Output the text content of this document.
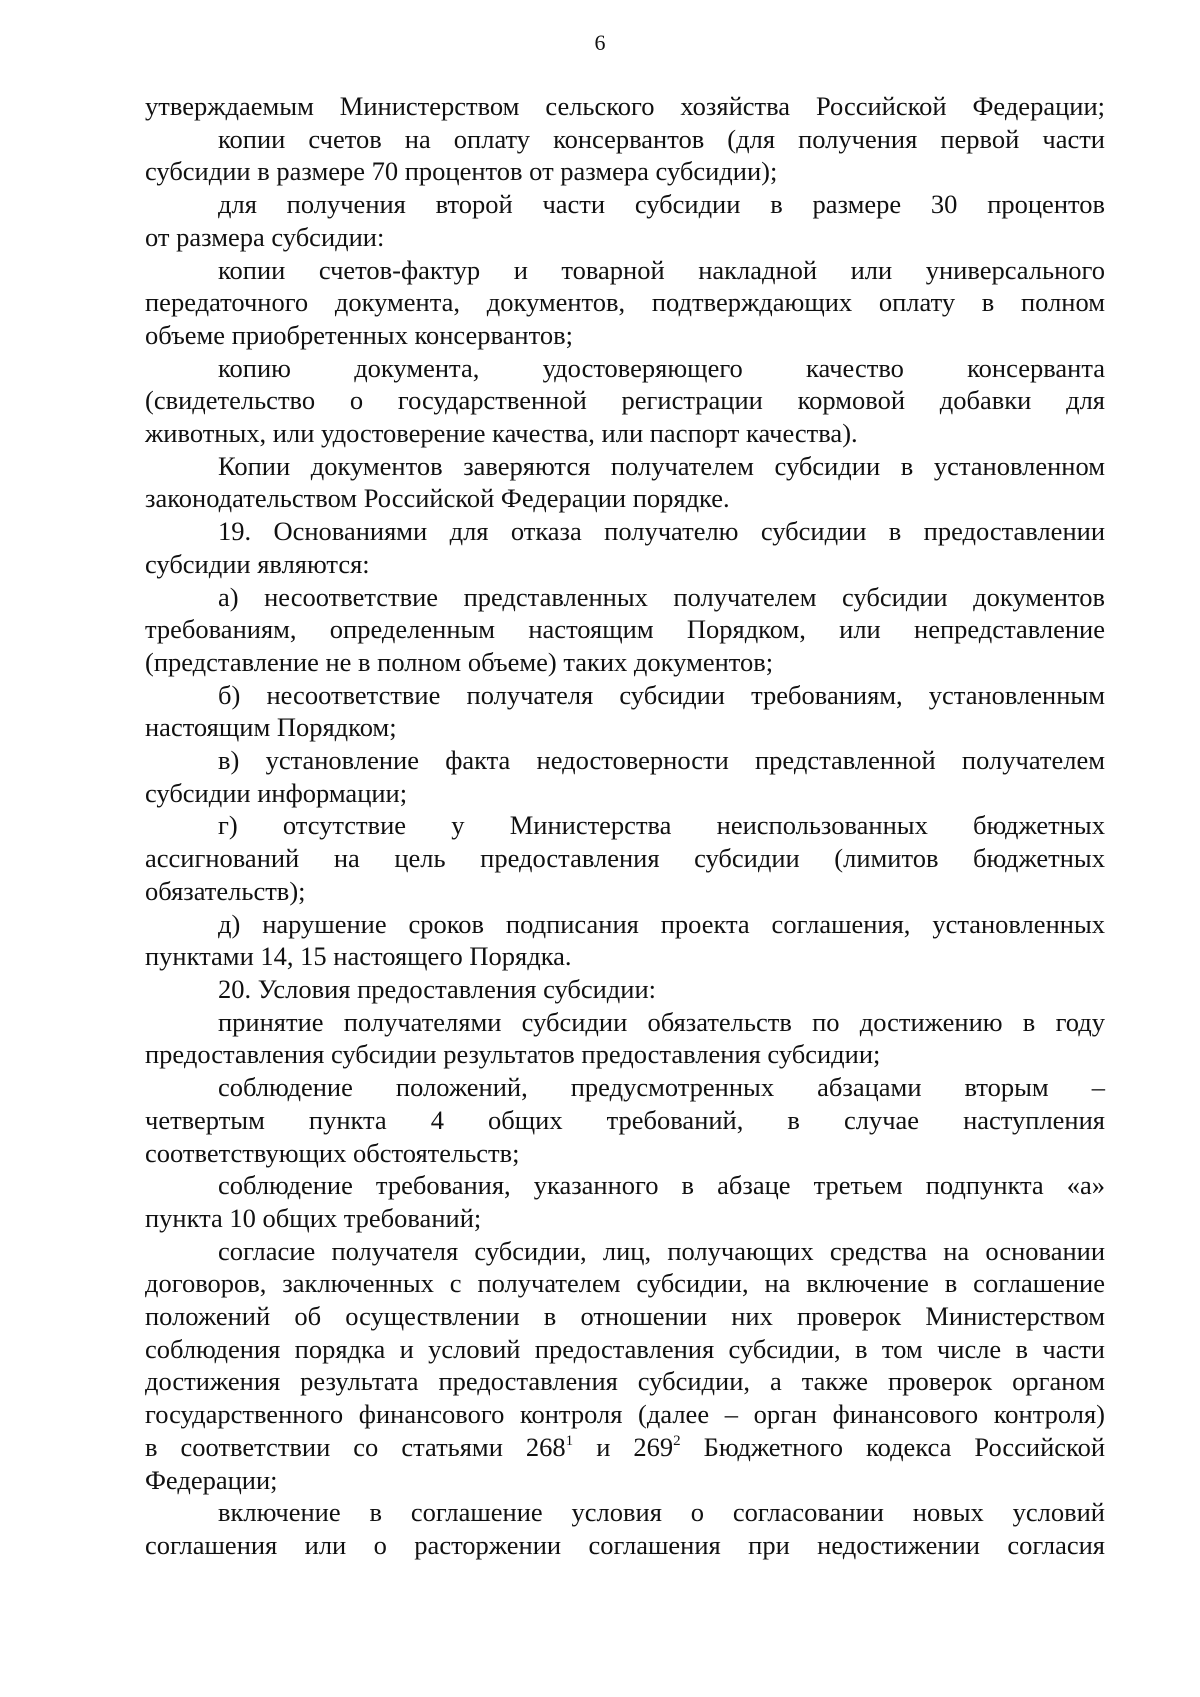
6
утверждаемым Министерством сельского хозяйства Российской Федерации;
копии счетов на оплату консервантов (для получения первой части
субсидии в размере 70 процентов от размера субсидии);
для получения второй части субсидии в размере 30 процентов
от размера субсидии:
копии счетов-фактур и товарной накладной или универсального
передаточного документа, документов, подтверждающих оплату в полном
объеме приобретенных консервантов;
копию документа, удостоверяющего качество консерванта
(свидетельство о государственной регистрации кормовой добавки для
животных, или удостоверение качества, или паспорт качества).
Копии документов заверяются получателем субсидии в установленном
законодательством Российской Федерации порядке.
19. Основаниями для отказа получателю субсидии в предоставлении
субсидии являются:
а) несоответствие представленных получателем субсидии документов
требованиям, определенным настоящим Порядком, или непредставление
(представление не в полном объеме) таких документов;
б) несоответствие получателя субсидии требованиям, установленным
настоящим Порядком;
в) установление факта недостоверности представленной получателем
субсидии информации;
г) отсутствие у Министерства неиспользованных бюджетных
ассигнований на цель предоставления субсидии (лимитов бюджетных
обязательств);
д) нарушение сроков подписания проекта соглашения, установленных
пунктами 14, 15 настоящего Порядка.
20. Условия предоставления субсидии:
принятие получателями субсидии обязательств по достижению в году
предоставления субсидии результатов предоставления субсидии;
соблюдение положений, предусмотренных абзацами вторым –
четвертым пункта 4 общих требований, в случае наступления
соответствующих обстоятельств;
соблюдение требования, указанного в абзаце третьем подпункта «а»
пункта 10 общих требований;
согласие получателя субсидии, лиц, получающих средства на основании
договоров, заключенных с получателем субсидии, на включение в соглашение
положений об осуществлении в отношении них проверок Министерством
соблюдения порядка и условий предоставления субсидии, в том числе в части
достижения результата предоставления субсидии, а также проверок органом
государственного финансового контроля (далее – орган финансового контроля)
в соответствии со статьями $268^1$ и $269^2$ Бюджетного кодекса Российской
Федерации;
включение в соглашение условия о согласовании новых условий
соглашения или о расторжении соглашения при недостижении согласия
